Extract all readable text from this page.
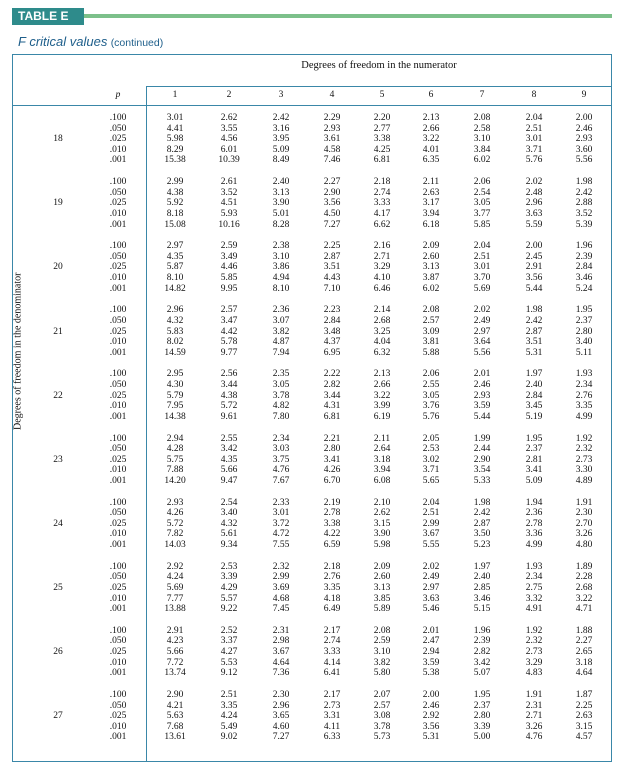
TABLE E
F critical values (continued)
Degrees of freedom in the numerator
Degrees of freedom in the denominator
p	1	2	3	4	5	6	7	8	9
18
.100	3.01	2.62	2.42	2.29	2.20	2.13	2.08	2.04	2.00
.050	4.41	3.55	3.16	2.93	2.77	2.66	2.58	2.51	2.46
.025	5.98	4.56	3.95	3.61	3.38	3.22	3.10	3.01	2.93
.010	8.29	6.01	5.09	4.58	4.25	4.01	3.84	3.71	3.60
.001	15.38	10.39	8.49	7.46	6.81	6.35	6.02	5.76	5.56
19
.100	2.99	2.61	2.40	2.27	2.18	2.11	2.06	2.02	1.98
.050	4.38	3.52	3.13	2.90	2.74	2.63	2.54	2.48	2.42
.025	5.92	4.51	3.90	3.56	3.33	3.17	3.05	2.96	2.88
.010	8.18	5.93	5.01	4.50	4.17	3.94	3.77	3.63	3.52
.001	15.08	10.16	8.28	7.27	6.62	6.18	5.85	5.59	5.39
20
.100	2.97	2.59	2.38	2.25	2.16	2.09	2.04	2.00	1.96
.050	4.35	3.49	3.10	2.87	2.71	2.60	2.51	2.45	2.39
.025	5.87	4.46	3.86	3.51	3.29	3.13	3.01	2.91	2.84
.010	8.10	5.85	4.94	4.43	4.10	3.87	3.70	3.56	3.46
.001	14.82	9.95	8.10	7.10	6.46	6.02	5.69	5.44	5.24
21
.100	2.96	2.57	2.36	2.23	2.14	2.08	2.02	1.98	1.95
.050	4.32	3.47	3.07	2.84	2.68	2.57	2.49	2.42	2.37
.025	5.83	4.42	3.82	3.48	3.25	3.09	2.97	2.87	2.80
.010	8.02	5.78	4.87	4.37	4.04	3.81	3.64	3.51	3.40
.001	14.59	9.77	7.94	6.95	6.32	5.88	5.56	5.31	5.11
22
.100	2.95	2.56	2.35	2.22	2.13	2.06	2.01	1.97	1.93
.050	4.30	3.44	3.05	2.82	2.66	2.55	2.46	2.40	2.34
.025	5.79	4.38	3.78	3.44	3.22	3.05	2.93	2.84	2.76
.010	7.95	5.72	4.82	4.31	3.99	3.76	3.59	3.45	3.35
.001	14.38	9.61	7.80	6.81	6.19	5.76	5.44	5.19	4.99
23
.100	2.94	2.55	2.34	2.21	2.11	2.05	1.99	1.95	1.92
.050	4.28	3.42	3.03	2.80	2.64	2.53	2.44	2.37	2.32
.025	5.75	4.35	3.75	3.41	3.18	3.02	2.90	2.81	2.73
.010	7.88	5.66	4.76	4.26	3.94	3.71	3.54	3.41	3.30
.001	14.20	9.47	7.67	6.70	6.08	5.65	5.33	5.09	4.89
24
.100	2.93	2.54	2.33	2.19	2.10	2.04	1.98	1.94	1.91
.050	4.26	3.40	3.01	2.78	2.62	2.51	2.42	2.36	2.30
.025	5.72	4.32	3.72	3.38	3.15	2.99	2.87	2.78	2.70
.010	7.82	5.61	4.72	4.22	3.90	3.67	3.50	3.36	3.26
.001	14.03	9.34	7.55	6.59	5.98	5.55	5.23	4.99	4.80
25
.100	2.92	2.53	2.32	2.18	2.09	2.02	1.97	1.93	1.89
.050	4.24	3.39	2.99	2.76	2.60	2.49	2.40	2.34	2.28
.025	5.69	4.29	3.69	3.35	3.13	2.97	2.85	2.75	2.68
.010	7.77	5.57	4.68	4.18	3.85	3.63	3.46	3.32	3.22
.001	13.88	9.22	7.45	6.49	5.89	5.46	5.15	4.91	4.71
26
.100	2.91	2.52	2.31	2.17	2.08	2.01	1.96	1.92	1.88
.050	4.23	3.37	2.98	2.74	2.59	2.47	2.39	2.32	2.27
.025	5.66	4.27	3.67	3.33	3.10	2.94	2.82	2.73	2.65
.010	7.72	5.53	4.64	4.14	3.82	3.59	3.42	3.29	3.18
.001	13.74	9.12	7.36	6.41	5.80	5.38	5.07	4.83	4.64
27
.100	2.90	2.51	2.30	2.17	2.07	2.00	1.95	1.91	1.87
.050	4.21	3.35	2.96	2.73	2.57	2.46	2.37	2.31	2.25
.025	5.63	4.24	3.65	3.31	3.08	2.92	2.80	2.71	2.63
.010	7.68	5.49	4.60	4.11	3.78	3.56	3.39	3.26	3.15
.001	13.61	9.02	7.27	6.33	5.73	5.31	5.00	4.76	4.57
